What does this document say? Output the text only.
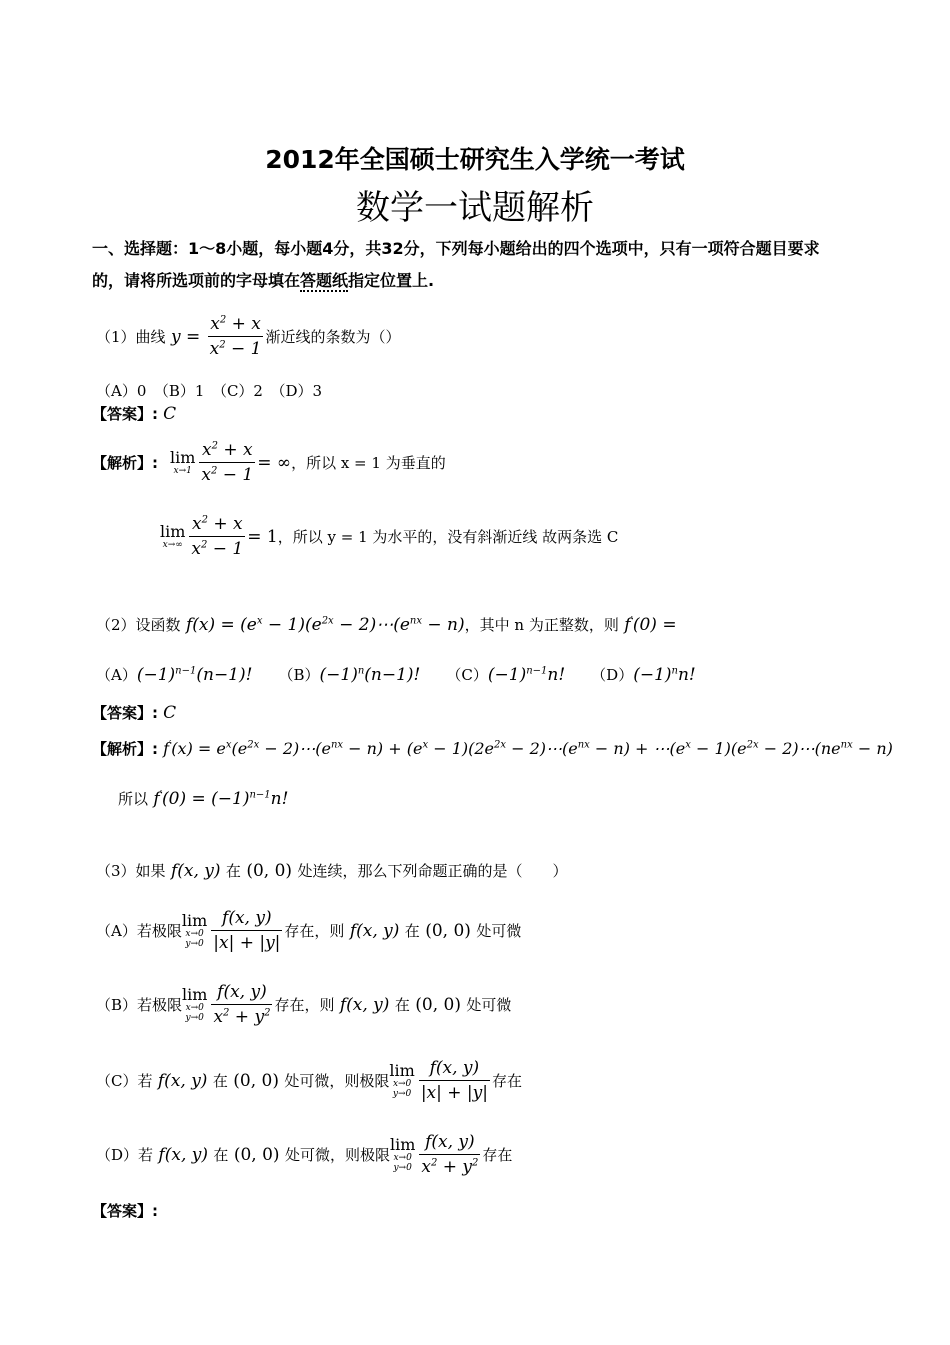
2012年全国硕士研究生入学统一考试
数学一试题解析
一、选择题：1～8小题，每小题4分，共32分，下列每小题给出的四个选项中，只有一项符合题目要求
的，请将所选项前的字母填在答题纸指定位置上.
（1）曲线 $y = \frac{x^2 + x}{x^2 - 1}$ 渐近线的条数为（）
（A）0　（B）1　（C）2　（D）3
【答案】: C
【解析】: lim
$x\to 1 \frac{x^2 + x}{x^2 - 1}$ = ∞ ，所以 x = 1 为垂直的
lim
$x\to\infty \frac{x^2 + x}{x^2 - 1} = 1$ ，所以 y = 1 为水平的，没有斜渐近线 故两条选 C
（2）设函数 $f(x) = (e^x - 1)(e^{2x}$ − $2)\cdots(e^{nx} - n)$ ，其中 n 为正整数，则 f′(0) =
（A） $(-1)^{n-1}(n-1)$! （B） $(-1)^n(n-1)$! （C） $(-1)^{n-1}n$! （D） $(-1)^nn$!
【答案】: C
【解析】: $f'(x) = e^x(e^{2x}$ − $2)\cdots(e^{nx} - n) + (e^x - 1)(2e^{2x}$ − $2)\cdots(e^{nx} - n)$ + $\cdots(e^x - 1)(e^{2x}$ − $2)\cdots(ne^{nx} - n)$
所以 $f'(0) = (-1)^{n-1}n$!
（3）如果 f(x, y) 在 (0, 0) 处连续，那么下列命题正确的是（　　）
（A）若极限
lim
x→0
$y\to 0 \frac{f(x, y)}{|x| + |y|}$ 存在，则 f(x, y) 在 (0, 0) 处可微
（B）若极限
lim
x→0
$y\to 0 \frac{f(x, y)}{x^2 + y^2}$ 存在，则 f(x, y) 在 (0, 0) 处可微
（C）若 f(x, y) 在 (0, 0) 处可微，则极限
lim
x→0
$y\to 0 \frac{f(x, y)}{|x| + |y|}$ 存在
（D）若 f(x, y) 在 (0, 0) 处可微，则极限
lim
x→0
$y\to 0 \frac{f(x, y)}{x^2 + y^2}$ 存在
【答案】:
